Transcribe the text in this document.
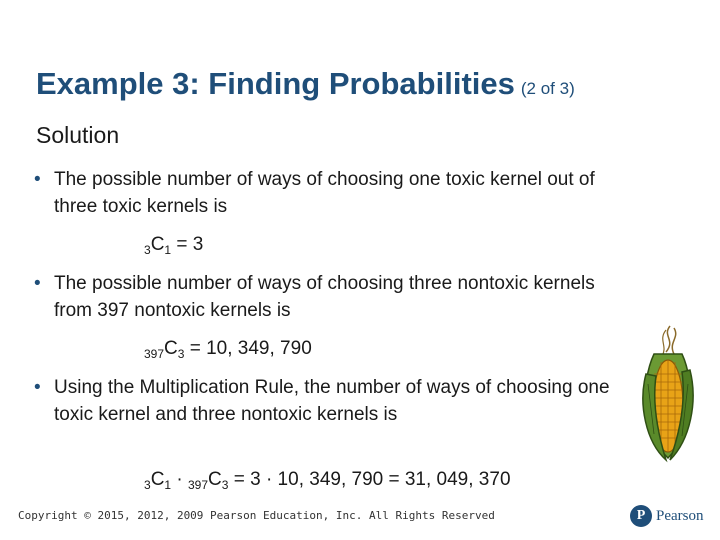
Example 3: Finding Probabilities (2 of 3)
Solution
• The possible number of ways of choosing one toxic kernel out of three toxic kernels is
$_3C_1 = 3$
• The possible number of ways of choosing three nontoxic kernels from 397 nontoxic kernels is
$_{397}C_3 = 10$, 349, 790
• Using the Multiplication Rule, the number of ways of choosing one toxic kernel and three nontoxic kernels is
$_3C_1 \cdot _{397}C_3 = 3 \cdot 10$, 349, 790 = 31, 049, 370
Copyright © 2015, 2012, 2009 Pearson Education, Inc. All Rights Reserved	P Pearson
